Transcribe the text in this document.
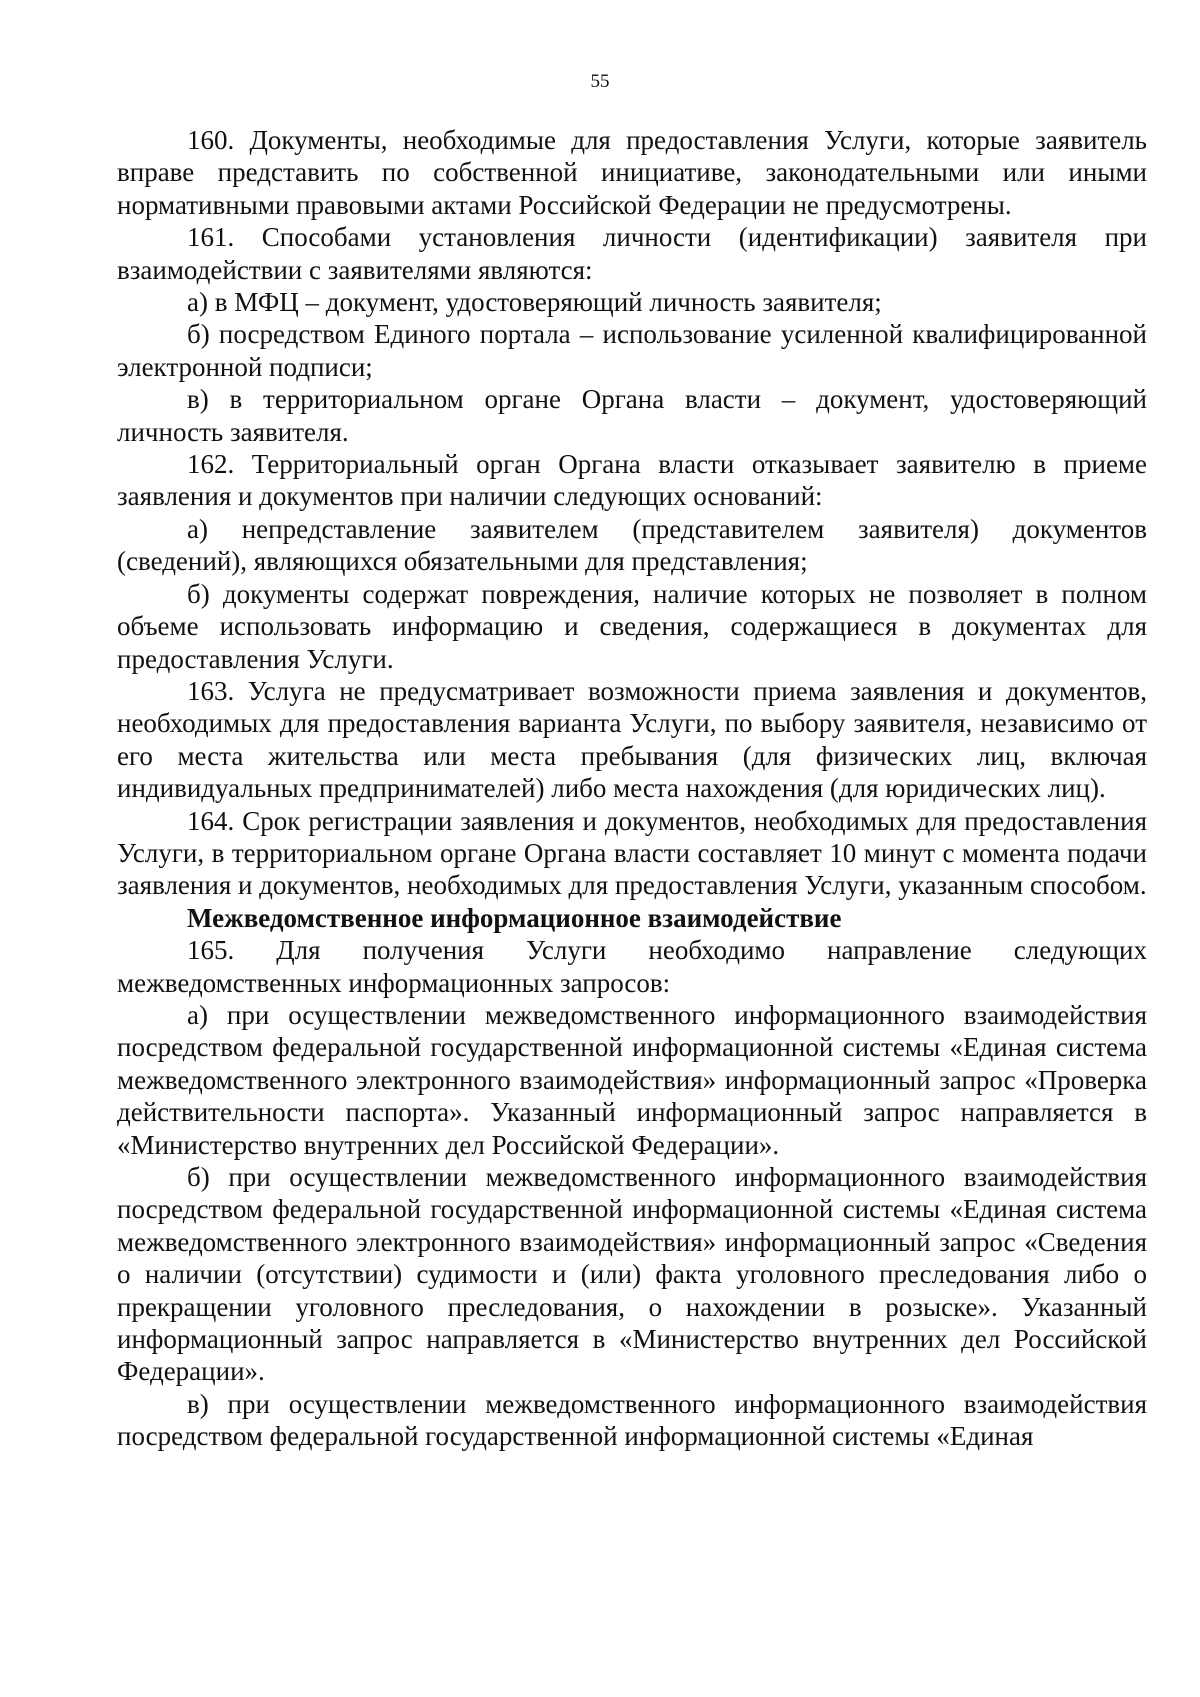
55

160. Документы, необходимые для предоставления Услуги, которые заявитель вправе представить по собственной инициативе, законодательными или иными нормативными правовыми актами Российской Федерации не предусмотрены.

161. Способами установления личности (идентификации) заявителя при взаимодействии с заявителями являются:

а) в МФЦ – документ, удостоверяющий личность заявителя;

б) посредством Единого портала – использование усиленной квалифицированной электронной подписи;

в) в территориальном органе Органа власти – документ, удостоверяющий личность заявителя.

162. Территориальный орган Органа власти отказывает заявителю в приеме заявления и документов при наличии следующих оснований:

а) непредставление заявителем (представителем заявителя) документов (сведений), являющихся обязательными для представления;

б) документы содержат повреждения, наличие которых не позволяет в полном объеме использовать информацию и сведения, содержащиеся в документах для предоставления Услуги.

163. Услуга не предусматривает возможности приема заявления и документов, необходимых для предоставления варианта Услуги, по выбору заявителя, независимо от его места жительства или места пребывания (для физических лиц, включая индивидуальных предпринимателей) либо места нахождения (для юридических лиц).

164. Срок регистрации заявления и документов, необходимых для предоставления Услуги, в территориальном органе Органа власти составляет 10 минут с момента подачи заявления и документов, необходимых для предоставления Услуги, указанным способом.

Межведомственное информационное взаимодействие

165. Для получения Услуги необходимо направление следующих межведомственных информационных запросов:

а) при осуществлении межведомственного информационного взаимодействия посредством федеральной государственной информационной системы «Единая система межведомственного электронного взаимодействия» информационный запрос «Проверка действительности паспорта». Указанный информационный запрос направляется в «Министерство внутренних дел Российской Федерации».

б) при осуществлении межведомственного информационного взаимодействия посредством федеральной государственной информационной системы «Единая система межведомственного электронного взаимодействия» информационный запрос «Сведения о наличии (отсутствии) судимости и (или) факта уголовного преследования либо о прекращении уголовного преследования, о нахождении в розыске». Указанный информационный запрос направляется в «Министерство внутренних дел Российской Федерации».

в) при осуществлении межведомственного информационного взаимодействия посредством федеральной государственной информационной системы «Единая
